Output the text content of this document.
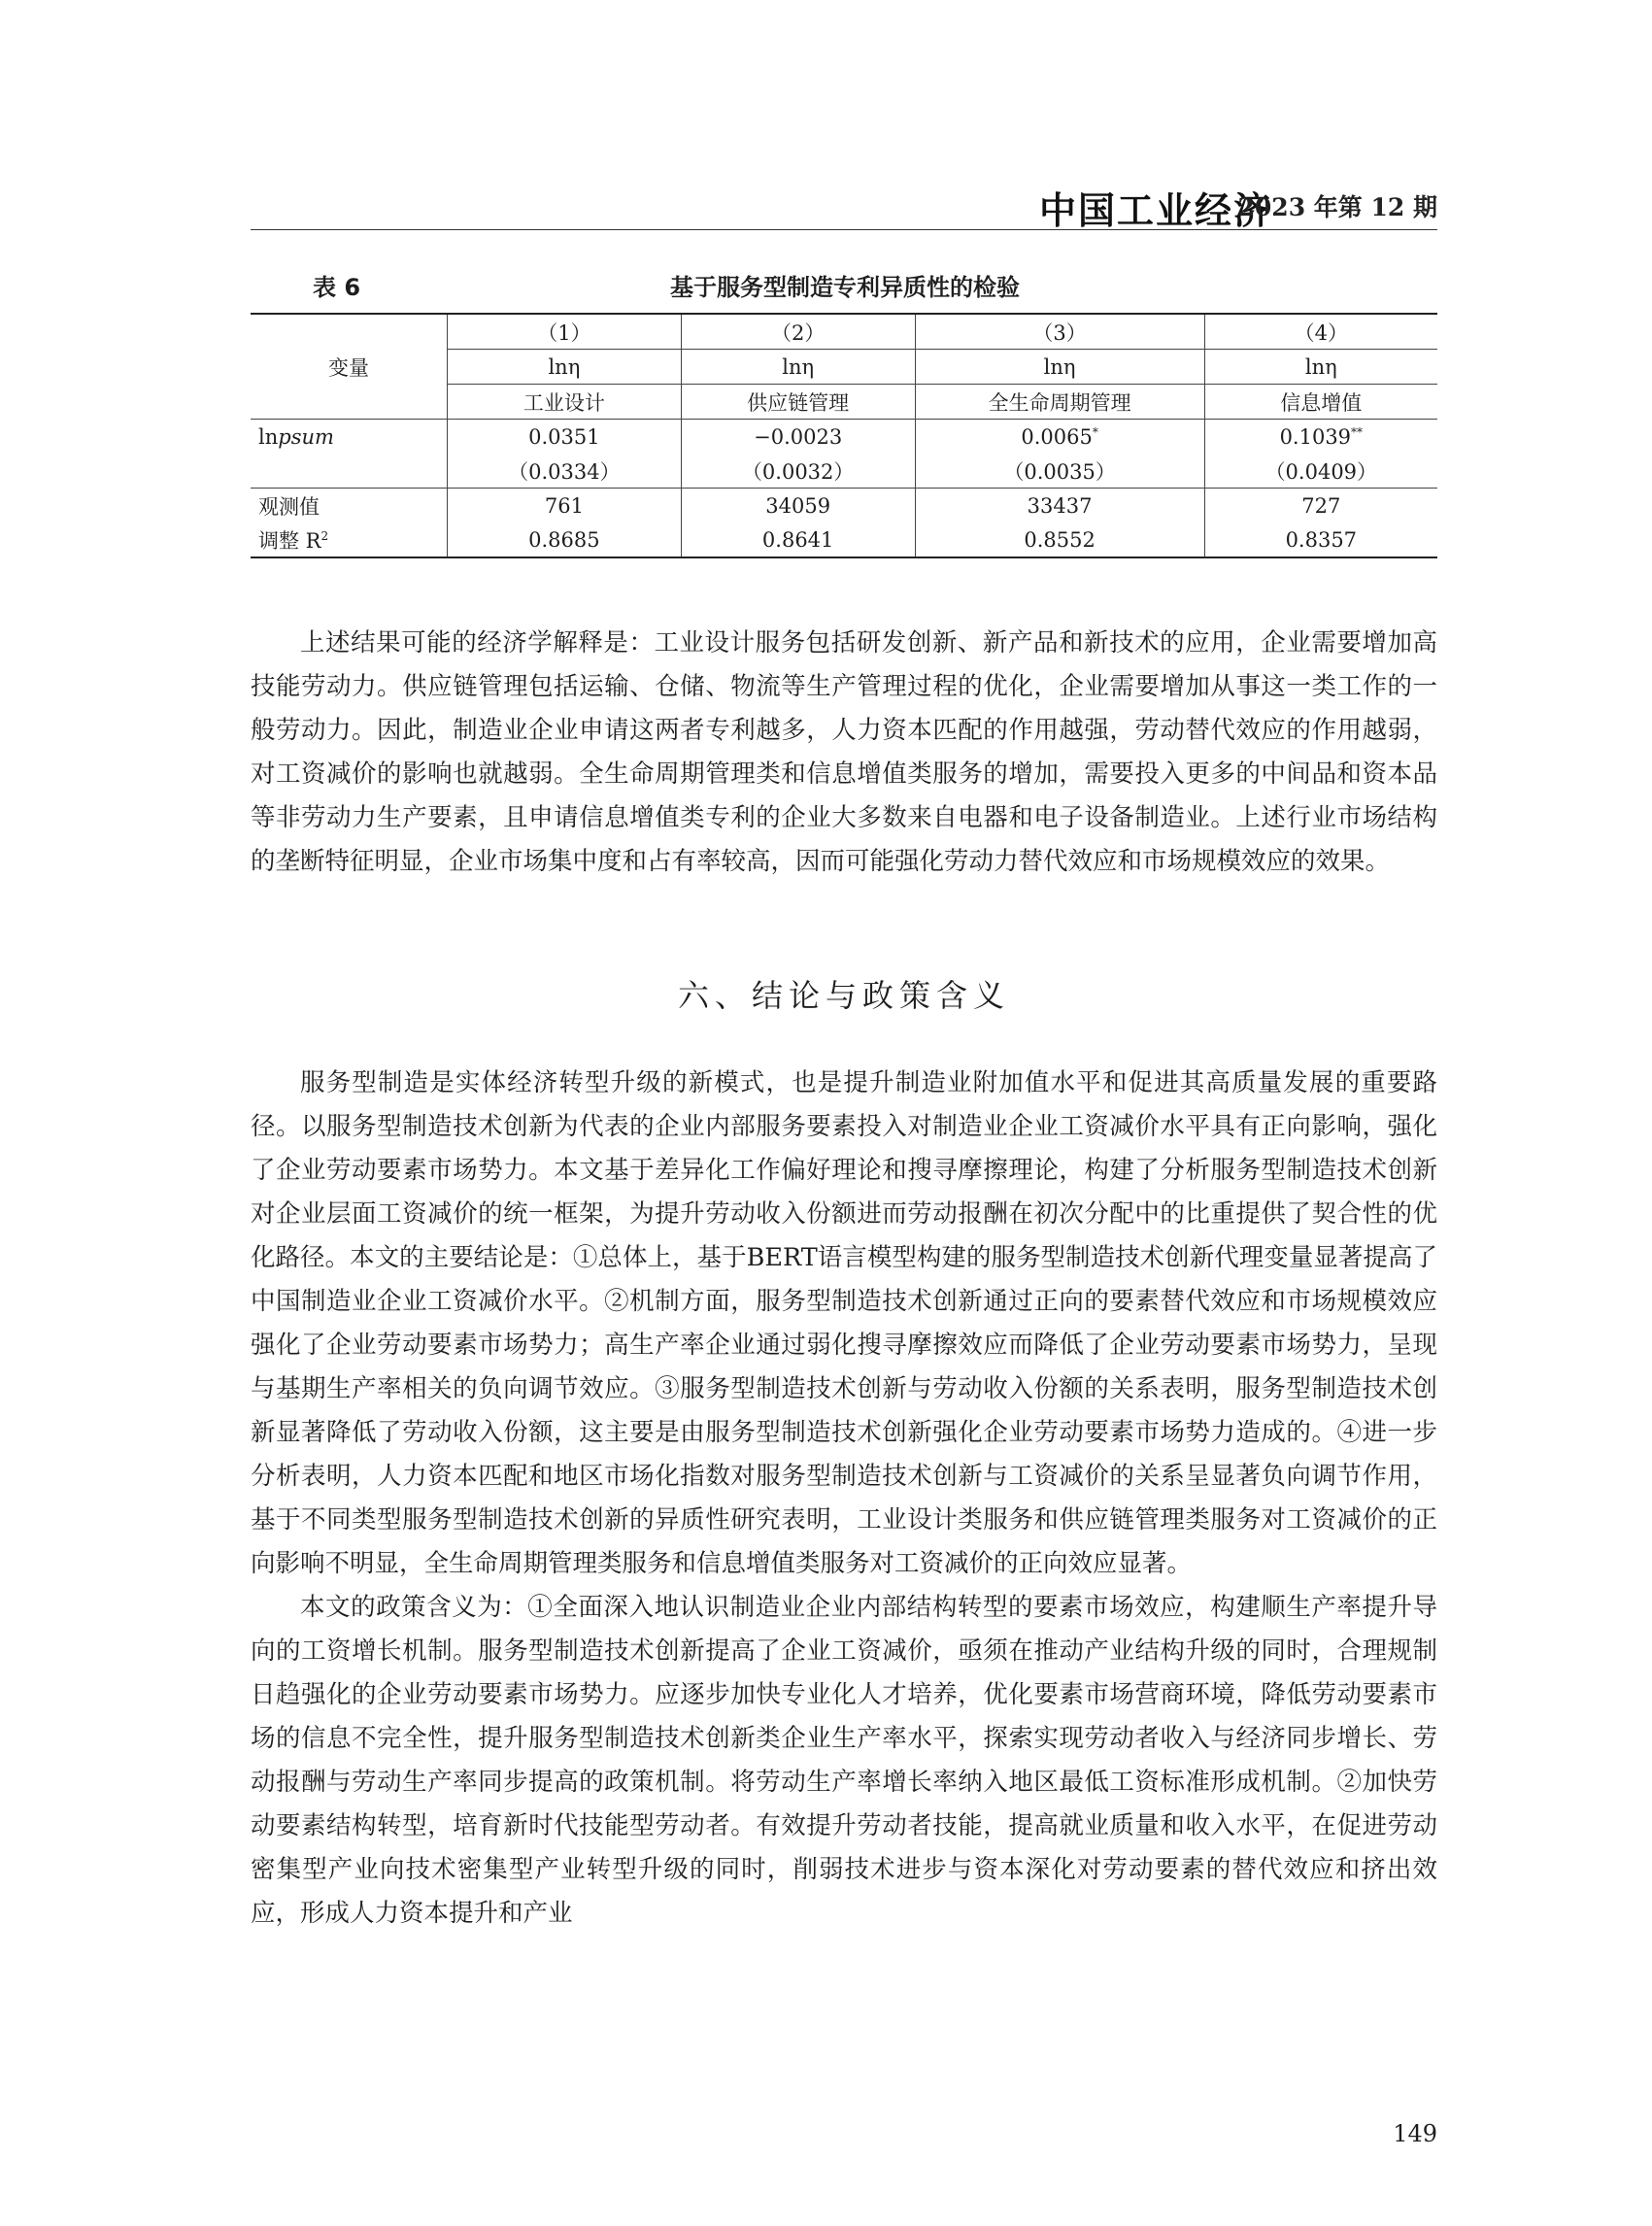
中国工业经济
2023 年第 12 期
表 6	基于服务型制造专利异质性的检验
变量	（1）	（2）	（3）	（4）
	lnη	lnη	lnη	lnη
	工业设计	供应链管理	全生命周期管理	信息增值
lnpsum	0.0351	−0.0023	0.0065*	0.1039**
	（0.0334）	（0.0032）	（0.0035）	（0.0409）
观测值	761	34059	33437	727
调整 $R^2$	0.8685	0.8641	0.8552	0.8357

上述结果可能的经济学解释是：工业设计服务包括研发创新、新产品和新技术的应用，企业需要增加高技能劳动力。供应链管理包括运输、仓储、物流等生产管理过程的优化，企业需要增加从事这一类工作的一般劳动力。因此，制造业企业申请这两者专利越多，人力资本匹配的作用越强，劳动替代效应的作用越弱，对工资减价的影响也就越弱。全生命周期管理类和信息增值类服务的增加，需要投入更多的中间品和资本品等非劳动力生产要素，且申请信息增值类专利的企业大多数来自电器和电子设备制造业。上述行业市场结构的垄断特征明显，企业市场集中度和占有率较高，因而可能强化劳动力替代效应和市场规模效应的效果。

六、结论与政策含义

服务型制造是实体经济转型升级的新模式，也是提升制造业附加值水平和促进其高质量发展的重要路径。以服务型制造技术创新为代表的企业内部服务要素投入对制造业企业工资减价水平具有正向影响，强化了企业劳动要素市场势力。本文基于差异化工作偏好理论和搜寻摩擦理论，构建了分析服务型制造技术创新对企业层面工资减价的统一框架，为提升劳动收入份额进而劳动报酬在初次分配中的比重提供了契合性的优化路径。本文的主要结论是：①总体上，基于BERT语言模型构建的服务型制造技术创新代理变量显著提高了中国制造业企业工资减价水平。②机制方面，服务型制造技术创新通过正向的要素替代效应和市场规模效应强化了企业劳动要素市场势力；高生产率企业通过弱化搜寻摩擦效应而降低了企业劳动要素市场势力，呈现与基期生产率相关的负向调节效应。③服务型制造技术创新与劳动收入份额的关系表明，服务型制造技术创新显著降低了劳动收入份额，这主要是由服务型制造技术创新强化企业劳动要素市场势力造成的。④进一步分析表明，人力资本匹配和地区市场化指数对服务型制造技术创新与工资减价的关系呈显著负向调节作用，基于不同类型服务型制造技术创新的异质性研究表明，工业设计类服务和供应链管理类服务对工资减价的正向影响不明显，全生命周期管理类服务和信息增值类服务对工资减价的正向效应显著。

本文的政策含义为：①全面深入地认识制造业企业内部结构转型的要素市场效应，构建顺生产率提升导向的工资增长机制。服务型制造技术创新提高了企业工资减价，亟须在推动产业结构升级的同时，合理规制日趋强化的企业劳动要素市场势力。应逐步加快专业化人才培养，优化要素市场营商环境，降低劳动要素市场的信息不完全性，提升服务型制造技术创新类企业生产率水平，探索实现劳动者收入与经济同步增长、劳动报酬与劳动生产率同步提高的政策机制。将劳动生产率增长率纳入地区最低工资标准形成机制。②加快劳动要素结构转型，培育新时代技能型劳动者。有效提升劳动者技能，提高就业质量和收入水平，在促进劳动密集型产业向技术密集型产业转型升级的同时，削弱技术进步与资本深化对劳动要素的替代效应和挤出效应，形成人力资本提升和产业

149
